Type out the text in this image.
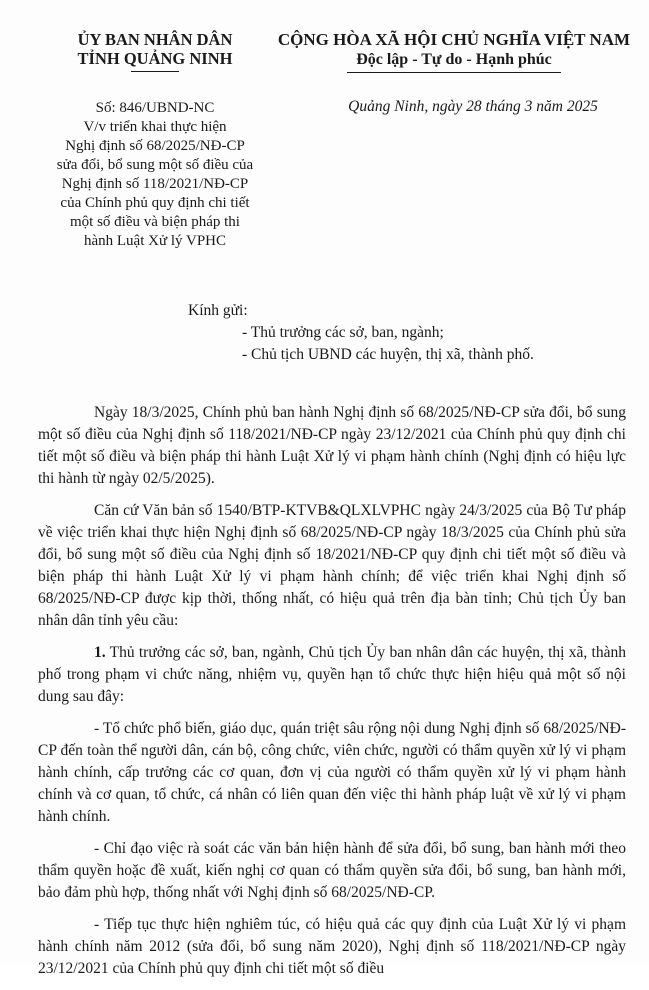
ỦY BAN NHÂN DÂN
TỈNH QUẢNG NINH
CỘNG HÒA XÃ HỘI CHỦ NGHĨA VIỆT NAM
Độc lập - Tự do - Hạnh phúc
Số: 846/UBND-NC
V/v triển khai thực hiện
Nghị định số 68/2025/NĐ-CP
sửa đổi, bổ sung một số điều của
Nghị định số 118/2021/NĐ-CP
của Chính phủ quy định chi tiết
một số điều và biện pháp thi
hành Luật Xử lý VPHC
Quảng Ninh, ngày 28 tháng 3 năm 2025
Kính gửi:
- Thủ trưởng các sở, ban, ngành;
- Chủ tịch UBND các huyện, thị xã, thành phố.

Ngày 18/3/2025, Chính phủ ban hành Nghị định số 68/2025/NĐ-CP sửa đổi, bổ sung một số điều của Nghị định số 118/2021/NĐ-CP ngày 23/12/2021 của Chính phủ quy định chi tiết một số điều và biện pháp thi hành Luật Xử lý vi phạm hành chính (Nghị định có hiệu lực thi hành từ ngày 02/5/2025).

Căn cứ Văn bản số 1540/BTP-KTVB&QLXLVPHC ngày 24/3/2025 của Bộ Tư pháp về việc triển khai thực hiện Nghị định số 68/2025/NĐ-CP ngày 18/3/2025 của Chính phủ sửa đổi, bổ sung một số điều của Nghị định số 18/2021/NĐ-CP quy định chi tiết một số điều và biện pháp thi hành Luật Xử lý vi phạm hành chính; để việc triển khai Nghị định số 68/2025/NĐ-CP được kịp thời, thống nhất, có hiệu quả trên địa bàn tỉnh; Chủ tịch Ủy ban nhân dân tỉnh yêu cầu:

1. Thủ trưởng các sở, ban, ngành, Chủ tịch Ủy ban nhân dân các huyện, thị xã, thành phố trong phạm vi chức năng, nhiệm vụ, quyền hạn tổ chức thực hiện hiệu quả một số nội dung sau đây:

- Tổ chức phổ biến, giáo dục, quán triệt sâu rộng nội dung Nghị định số 68/2025/NĐ-CP đến toàn thể người dân, cán bộ, công chức, viên chức, người có thẩm quyền xử lý vi phạm hành chính, cấp trưởng các cơ quan, đơn vị của người có thẩm quyền xử lý vi phạm hành chính và cơ quan, tổ chức, cá nhân có liên quan đến việc thi hành pháp luật về xử lý vi phạm hành chính.

- Chỉ đạo việc rà soát các văn bản hiện hành để sửa đổi, bổ sung, ban hành mới theo thẩm quyền hoặc đề xuất, kiến nghị cơ quan có thẩm quyền sửa đổi, bổ sung, ban hành mới, bảo đảm phù hợp, thống nhất với Nghị định số 68/2025/NĐ-CP.

- Tiếp tục thực hiện nghiêm túc, có hiệu quả các quy định của Luật Xử lý vi phạm hành chính năm 2012 (sửa đổi, bổ sung năm 2020), Nghị định số 118/2021/NĐ-CP ngày 23/12/2021 của Chính phủ quy định chi tiết một số điều
